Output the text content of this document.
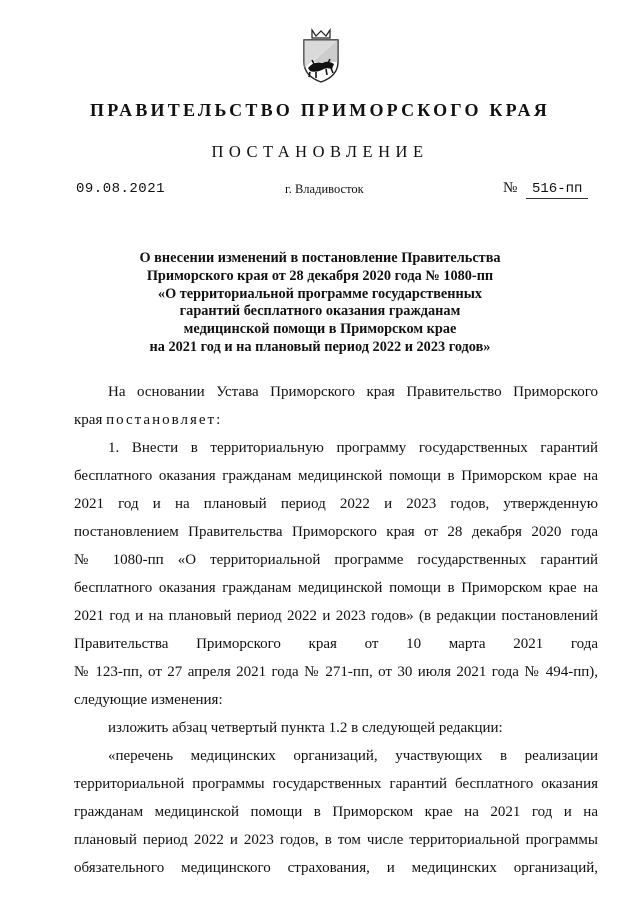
ПРАВИТЕЛЬСТВО ПРИМОРСКОГО КРАЯ
ПОСТАНОВЛЕНИЕ
09.08.2021	г. Владивосток	№	516-пп
О внесении изменений в постановление Правительства
Приморского края от 28 декабря 2020 года № 1080-пп
«О территориальной программе государственных
гарантий бесплатного оказания гражданам
медицинской помощи в Приморском крае
на 2021 год и на плановый период 2022 и 2023 годов»
На основании Устава Приморского края Правительство Приморского
края постановляет:
1. Внести в территориальную программу государственных гарантий
бесплатного оказания гражданам медицинской помощи в Приморском крае на
2021 год и на плановый период 2022 и 2023 годов, утвержденную
постановлением Правительства Приморского края от 28 декабря 2020 года
№ 1080-пп «О территориальной программе государственных гарантий
бесплатного оказания гражданам медицинской помощи в Приморском крае на
2021 год и на плановый период 2022 и 2023 годов» (в редакции постановлений
Правительства Приморского края от 10 марта 2021 года
№ 123-пп, от 27 апреля 2021 года № 271-пп, от 30 июля 2021 года № 494-пп),
следующие изменения:
изложить абзац четвертый пункта 1.2 в следующей редакции:
«перечень медицинских организаций, участвующих в реализации
территориальной программы государственных гарантий бесплатного оказания
гражданам медицинской помощи в Приморском крае на 2021 год и на
плановый период 2022 и 2023 годов, в том числе территориальной программы
обязательного медицинского страхования, и медицинских организаций,
